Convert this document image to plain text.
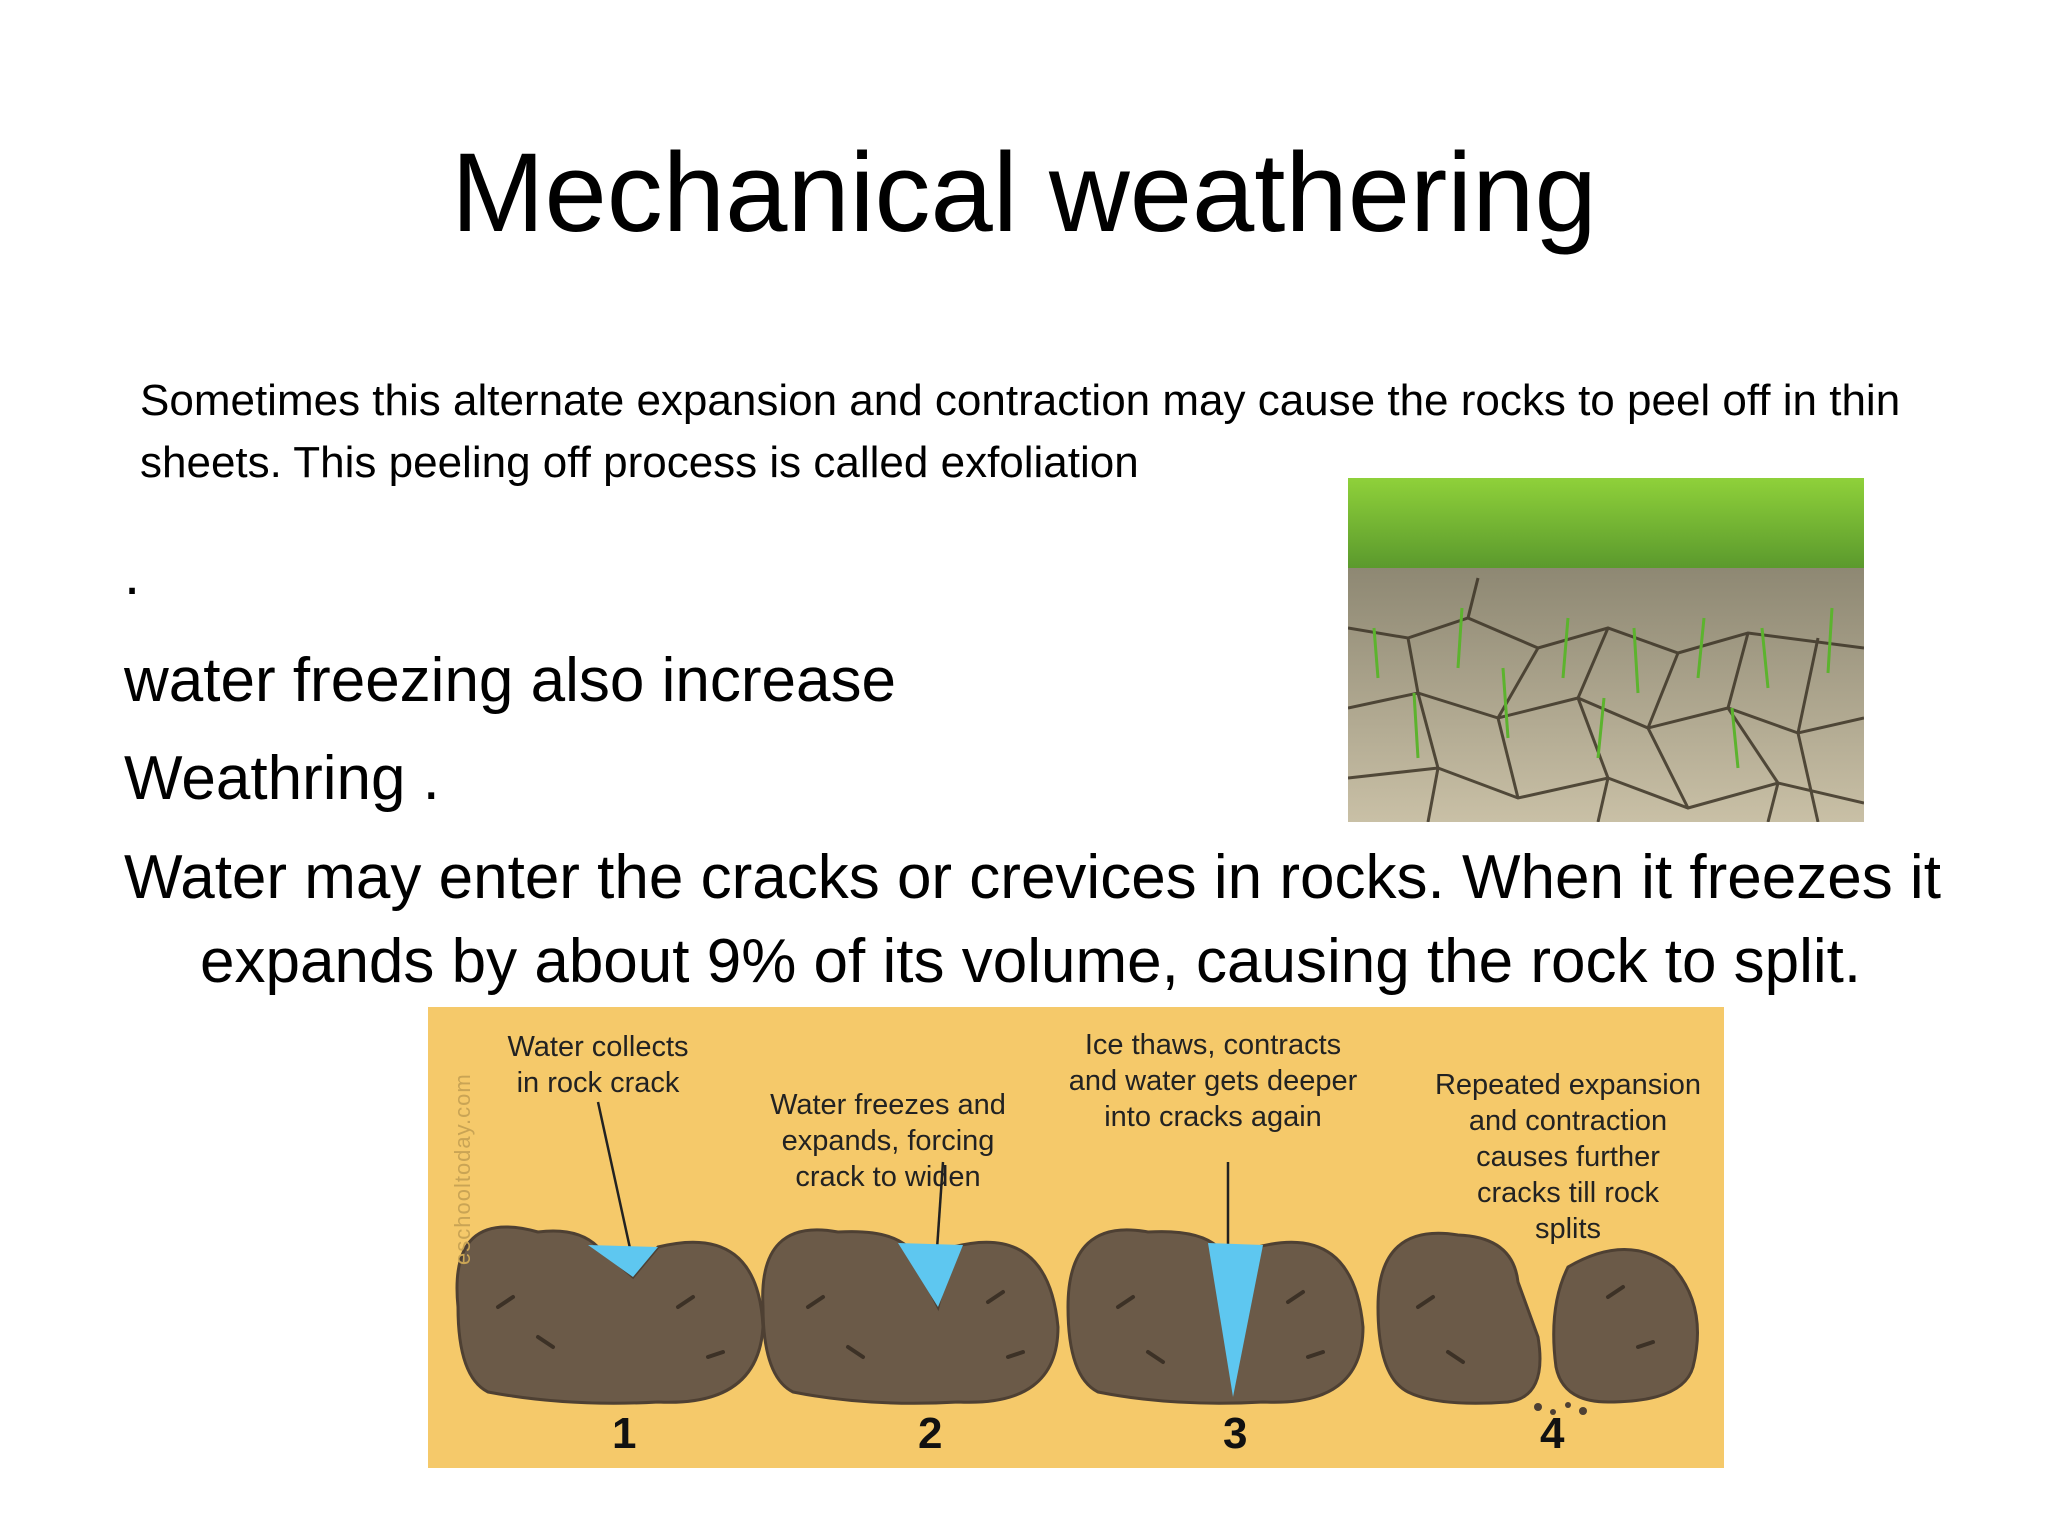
Mechanical weathering

Sometimes this alternate expansion and contraction may cause the rocks to peel off in thin sheets. This peeling off process is called exfoliation

.

water freezing also increase

Weathring .

Water may enter the cracks or crevices in rocks. When it freezes it expands by about 9% of its volume, causing the rock to split.

eschooltoday.com
Water collects
in rock crack
Water freezes and
expands, forcing
crack to widen
Ice thaws, contracts
and water gets deeper
into cracks again
Repeated expansion
and contraction
causes further
cracks till rock
splits
1	2	3	4
